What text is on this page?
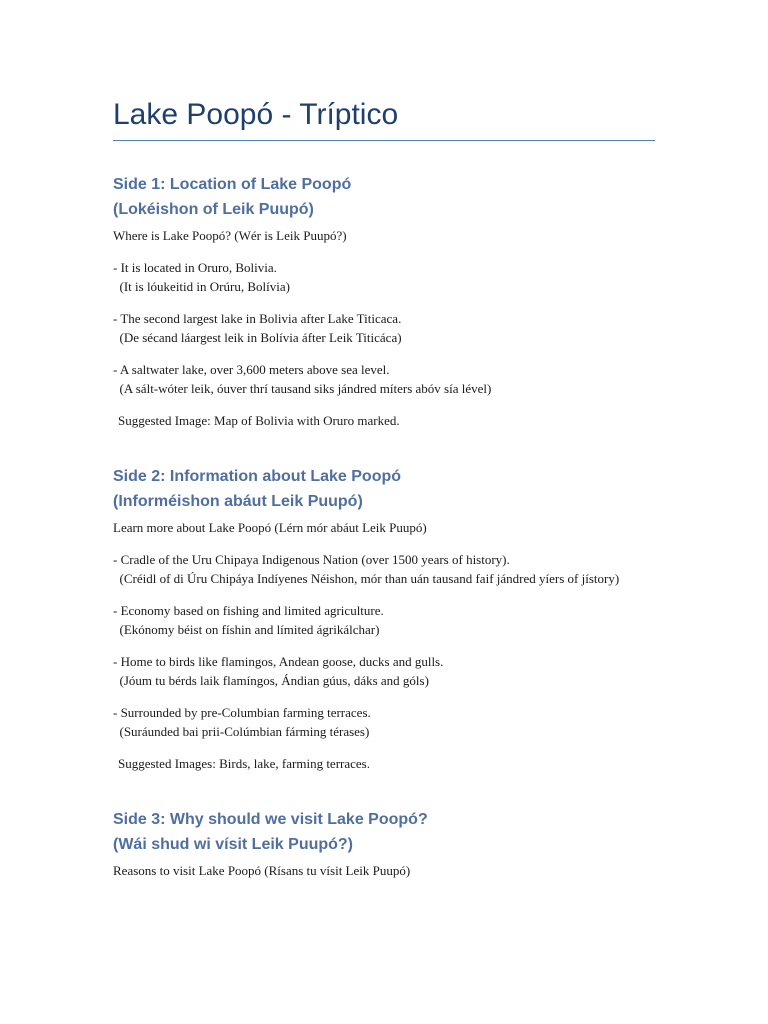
Lake Poopó - Tríptico
Side 1: Location of Lake Poopó
(Lokéishon of Leik Puupó)

Where is Lake Poopó? (Wér is Leik Puupó?)

- It is located in Oruro, Bolivia.
(It is lóukeitid in Orúru, Bolívia)

- The second largest lake in Bolivia after Lake Titicaca.
(De sécand láargest leik in Bolívia áfter Leik Titicáca)

- A saltwater lake, over 3,600 meters above sea level.
(A sált-wóter leik, óuver thrí tausand siks jándred míters abóv sía lével)

Suggested Image: Map of Bolivia with Oruro marked.

Side 2: Information about Lake Poopó
(Informéishon abáut Leik Puupó)

Learn more about Lake Poopó (Lérn mór abáut Leik Puupó)

- Cradle of the Uru Chipaya Indigenous Nation (over 1500 years of history).
(Créidl of di Úru Chipáya Indíyenes Néishon, mór than uán tausand faif jándred yíers of jístory)

- Economy based on fishing and limited agriculture.
(Ekónomy béist on físhin and límited ágrikálchar)

- Home to birds like flamingos, Andean goose, ducks and gulls.
(Jóum tu bérds laik flamíngos, Ándian gúus, dáks and góls)

- Surrounded by pre-Columbian farming terraces.
(Suráunded bai prii-Colúmbian fárming térases)

Suggested Images: Birds, lake, farming terraces.

Side 3: Why should we visit Lake Poopó?
(Wái shud wi vísit Leik Puupó?)

Reasons to visit Lake Poopó (Rísans tu vísit Leik Puupó)
